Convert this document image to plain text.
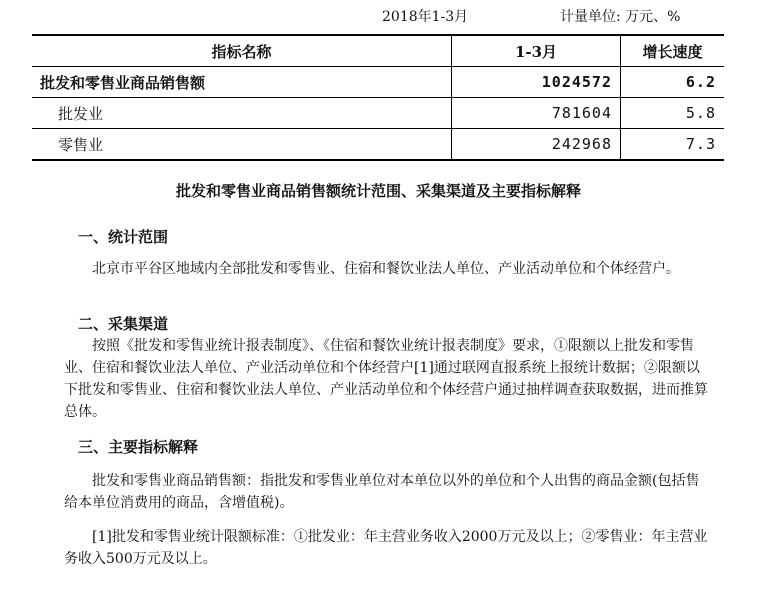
2018年1-3月	计量单位: 万元、%
指标名称	1-3月	增长速度
批发和零售业商品销售额	1024572	6.2
批发业	781604	5.8
零售业	242968	7.3
批发和零售业商品销售额统计范围、采集渠道及主要指标解释
一、统计范围
北京市平谷区地域内全部批发和零售业、住宿和餐饮业法人单位、产业活动单位和个体经营户。
二、采集渠道
按照《批发和零售业统计报表制度》、《住宿和餐饮业统计报表制度》要求，①限额以上批发和零售业、住宿和餐饮业法人单位、产业活动单位和个体经营户[1]通过联网直报系统上报统计数据；②限额以下批发和零售业、住宿和餐饮业法人单位、产业活动单位和个体经营户通过抽样调查获取数据，进而推算总体。
三、主要指标解释
批发和零售业商品销售额：指批发和零售业单位对本单位以外的单位和个人出售的商品金额(包括售给本单位消费用的商品，含增值税)。
[1]批发和零售业统计限额标准：①批发业：年主营业务收入2000万元及以上；②零售业：年主营业务收入500万元及以上。
